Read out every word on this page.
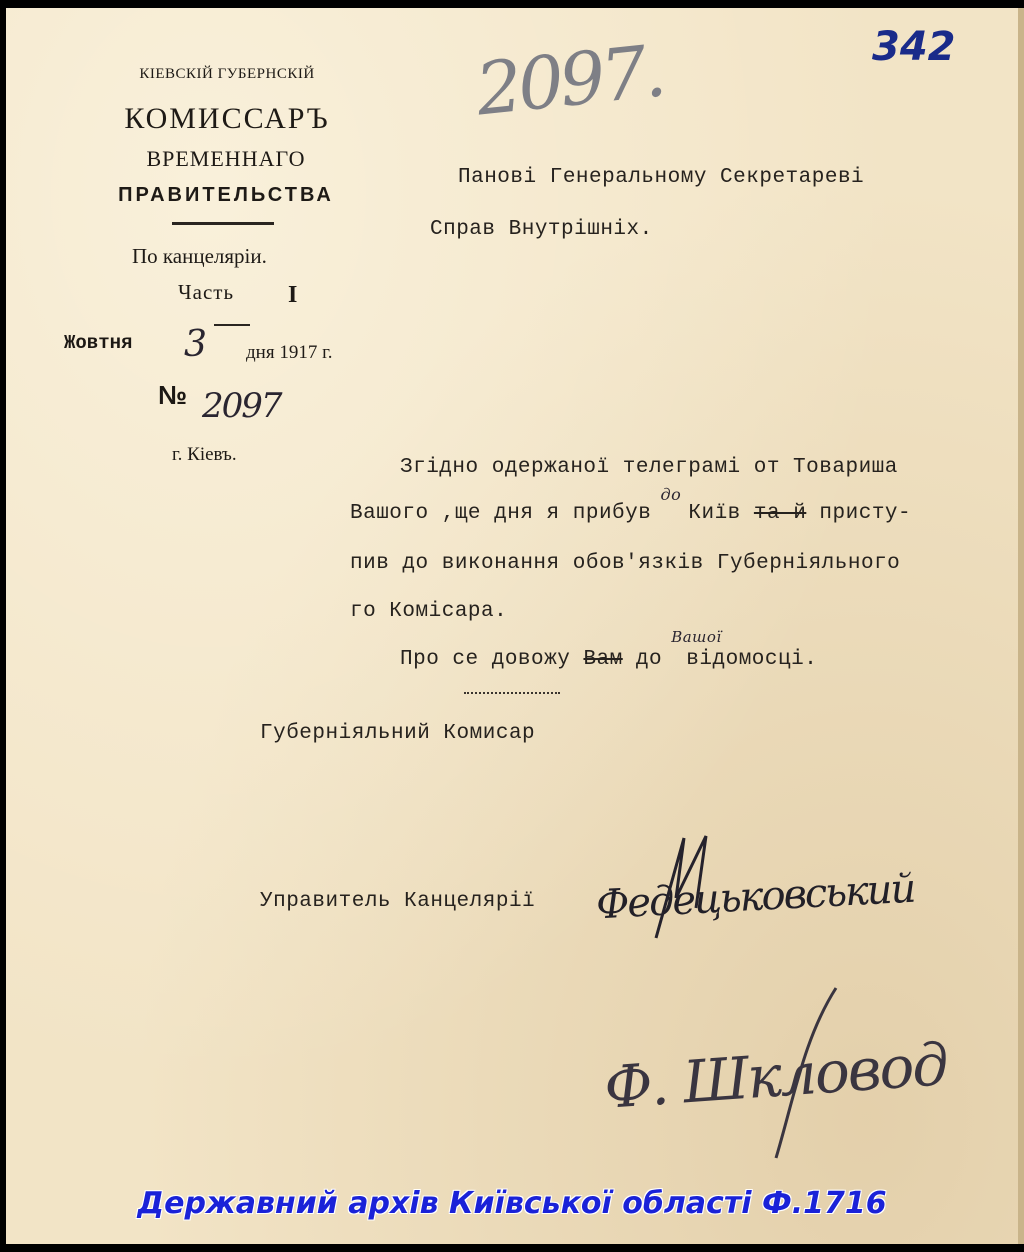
КІЕВСКІЙ ГУБЕРНСКІЙ
КОМИССАРЪ
ВРЕМЕННАГО
ПРАВИТЕЛЬСТВА
По канцеляріи.
Часть I
Жовтня 3 дня 1917 г.
№ 2097
г. Кіевъ.
2097.	342
Панові Генеральному Секретареві
Справ Внутрішніх.
Згідно одержаної телеграмі от Товариша
Вашого ,ще дня я прибув $^{до}$ Київ та й присту-
пив до виконання обов'язків Губерніяльного
го Комісара.
Про се довожу Вам до Вашої відомосці.
Губерніяльний Комисар
Управитель Канцелярії Федецьковський
Ф. Шкловод
Державний архів Київської області Ф.1716
